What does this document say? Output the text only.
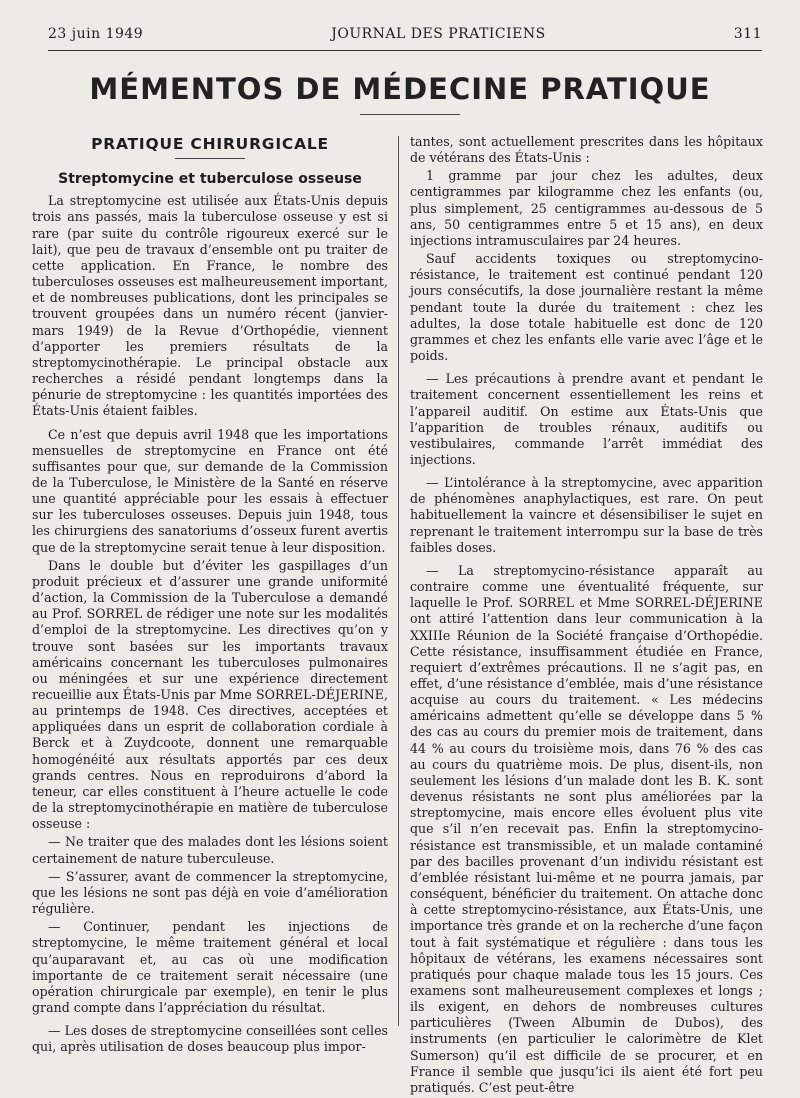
23 juin 1949	JOURNAL DES PRATICIENS	311
MÉMENTOS DE MÉDECINE PRATIQUE
PRATIQUE CHIRURGICALE
Streptomycine et tuberculose osseuse

La streptomycine est utilisée aux États-Unis depuis trois ans passés, mais la tuberculose osseuse y est si rare (par suite du contrôle rigoureux exercé sur le lait), que peu de travaux d’ensemble ont pu traiter de cette application. En France, le nombre des tuberculoses osseuses est malheureusement important, et de nombreuses publications, dont les principales se trouvent groupées dans un numéro récent (janvier-mars 1949) de la Revue d’Orthopédie, viennent d’apporter les premiers résultats de la streptomycinothérapie. Le principal obstacle aux recherches a résidé pendant longtemps dans la pénurie de streptomycine : les quantités importées des États-Unis étaient faibles.

Ce n’est que depuis avril 1948 que les importations mensuelles de streptomycine en France ont été suffisantes pour que, sur demande de la Commission de la Tuberculose, le Ministère de la Santé en réserve une quantité appréciable pour les essais à effectuer sur les tuberculoses osseuses. Depuis juin 1948, tous les chirurgiens des sanatoriums d’osseux furent avertis que de la streptomycine serait tenue à leur disposition.

Dans le double but d’éviter les gaspillages d’un produit précieux et d’assurer une grande uniformité d’action, la Commission de la Tuberculose a demandé au Prof. SORREL de rédiger une note sur les modalités d’emploi de la streptomycine. Les directives qu’on y trouve sont basées sur les importants travaux américains concernant les tuberculoses pulmonaires ou méningées et sur une expérience directement recueillie aux États-Unis par Mme SORREL-DÉJERINE, au printemps de 1948. Ces directives, acceptées et appliquées dans un esprit de collaboration cordiale à Berck et à Zuydcoote, donnent une remarquable homogénéité aux résultats apportés par ces deux grands centres. Nous en reproduirons d’abord la teneur, car elles constituent à l’heure actuelle le code de la streptomycinothérapie en matière de tuberculose osseuse :

— Ne traiter que des malades dont les lésions soient certainement de nature tuberculeuse.

— S’assurer, avant de commencer la streptomycine, que les lésions ne sont pas déjà en voie d’amélioration régulière.

— Continuer, pendant les injections de streptomycine, le même traitement général et local qu’auparavant et, au cas où une modification importante de ce traitement serait nécessaire (une opération chirurgicale par exemple), en tenir le plus grand compte dans l’appréciation du résultat.

— Les doses de streptomycine conseillées sont celles qui, après utilisation de doses beaucoup plus impor-

tantes, sont actuellement prescrites dans les hôpitaux de vétérans des États-Unis :

1 gramme par jour chez les adultes, deux centigrammes par kilogramme chez les enfants (ou, plus simplement, 25 centigrammes au-dessous de 5 ans, 50 centigrammes entre 5 et 15 ans), en deux injections intramusculaires par 24 heures.

Sauf accidents toxiques ou streptomycino-résistance, le traitement est continué pendant 120 jours consécutifs, la dose journalière restant la même pendant toute la durée du traitement : chez les adultes, la dose totale habituelle est donc de 120 grammes et chez les enfants elle varie avec l’âge et le poids.

— Les précautions à prendre avant et pendant le traitement concernent essentiellement les reins et l’appareil auditif. On estime aux États-Unis que l’apparition de troubles rénaux, auditifs ou vestibulaires, commande l’arrêt immédiat des injections.

— L’intolérance à la streptomycine, avec apparition de phénomènes anaphylactiques, est rare. On peut habituellement la vaincre et désensibiliser le sujet en reprenant le traitement interrompu sur la base de très faibles doses.

— La streptomycino-résistance apparaît au contraire comme une éventualité fréquente, sur laquelle le Prof. SORREL et Mme SORREL-DÉJERINE ont attiré l’attention dans leur communication à la XXIIIe Réunion de la Société française d’Orthopédie. Cette résistance, insuffisamment étudiée en France, requiert d’extrêmes précautions. Il ne s’agit pas, en effet, d’une résistance d’emblée, mais d’une résistance acquise au cours du traitement. « Les médecins américains admettent qu’elle se développe dans 5 % des cas au cours du premier mois de traitement, dans 44 % au cours du troisième mois, dans 76 % des cas au cours du quatrième mois. De plus, disent-ils, non seulement les lésions d’un malade dont les B. K. sont devenus résistants ne sont plus améliorées par la streptomycine, mais encore elles évoluent plus vite que s’il n’en recevait pas. Enfin la streptomycino-résistance est transmissible, et un malade contaminé par des bacilles provenant d’un individu résistant est d’emblée résistant lui-même et ne pourra jamais, par conséquent, bénéficier du traitement. On attache donc à cette streptomycino-résistance, aux États-Unis, une importance très grande et on la recherche d’une façon tout à fait systématique et régulière : dans tous les hôpitaux de vétérans, les examens nécessaires sont pratiqués pour chaque malade tous les 15 jours. Ces examens sont malheureusement complexes et longs ; ils exigent, en dehors de nombreuses cultures particulières (Tween Albumin de Dubos), des instruments (en particulier le calorimètre de Klet Sumerson) qu’il est difficile de se procurer, et en France il semble que jusqu’ici ils aient été fort peu pratiqués. C’est peut-être
